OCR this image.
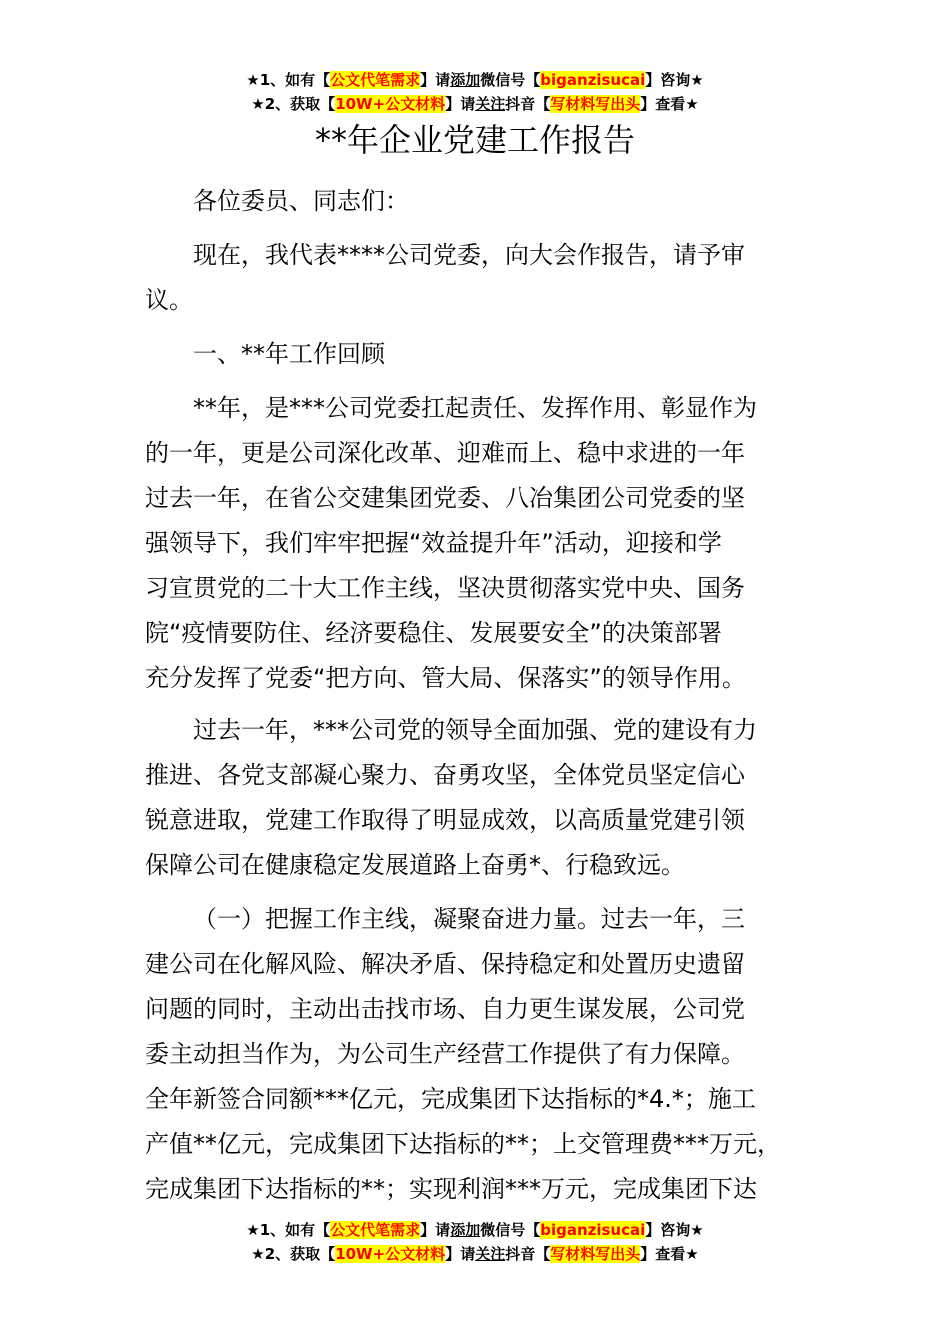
★1、如有【公文代笔需求】请添加微信号【biganzisucai】咨询★
★2、获取【10W+公文材料】请关注抖音【写材料写出头】查看★
**年企业党建工作报告
各位委员、同志们：
现在，我代表****公司党委，向大会作报告，请予审
议。
一、**年工作回顾
**年，是***公司党委扛起责任、发挥作用、彰显作为
的一年，更是公司深化改革、迎难而上、稳中求进的一年
过去一年，在省公交建集团党委、八冶集团公司党委的坚
强领导下，我们牢牢把握“效益提升年”活动，迎接和学
习宣贯党的二十大工作主线，坚决贯彻落实党中央、国务
院“疫情要防住、经济要稳住、发展要安全”的决策部署
充分发挥了党委“把方向、管大局、保落实”的领导作用。
过去一年，***公司党的领导全面加强、党的建设有力
推进、各党支部凝心聚力、奋勇攻坚，全体党员坚定信心
锐意进取，党建工作取得了明显成效，以高质量党建引领
保障公司在健康稳定发展道路上奋勇*、行稳致远。
（一）把握工作主线，凝聚奋进力量。过去一年，三
建公司在化解风险、解决矛盾、保持稳定和处置历史遗留
问题的同时，主动出击找市场、自力更生谋发展，公司党
委主动担当作为，为公司生产经营工作提供了有力保障。
全年新签合同额***亿元，完成集团下达指标的*4.*；施工
产值**亿元，完成集团下达指标的**；上交管理费***万元，
完成集团下达指标的**；实现利润***万元，完成集团下达
★1、如有【公文代笔需求】请添加微信号【biganzisucai】咨询★
★2、获取【10W+公文材料】请关注抖音【写材料写出头】查看★
